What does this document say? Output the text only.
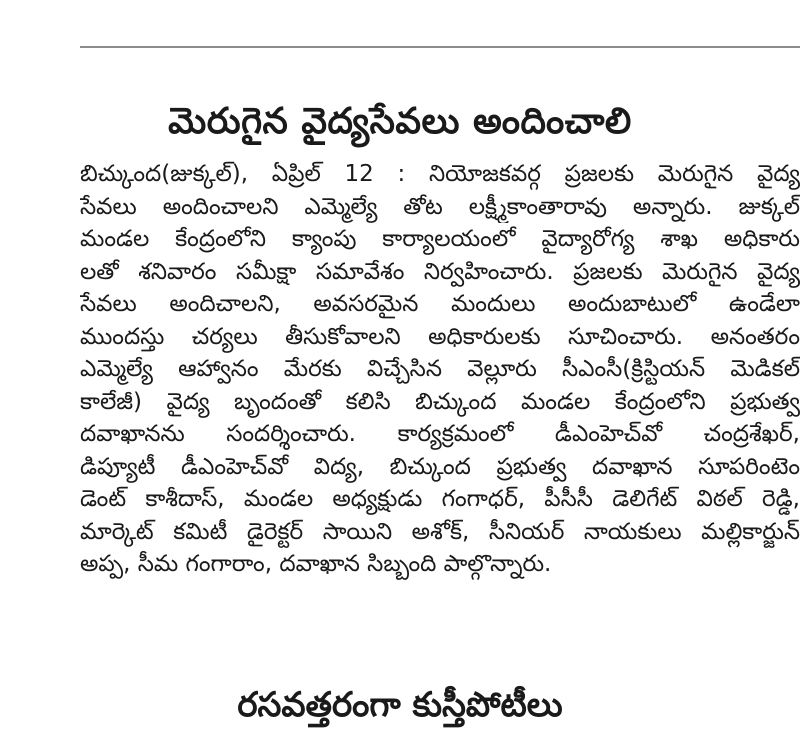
మెరుగైన వైద్యసేవలు అందించాలి
బిచ్కుంద(జుక్కల్), ఏప్రిల్ 12 : నియోజకవర్గ ప్రజలకు మెరుగైన వైద్య
సేవలు అందించాలని ఎమ్మెల్యే తోట లక్ష్మీకాంతారావు అన్నారు. జుక్కల్
మండల కేంద్రంలోని క్యాంపు కార్యాలయంలో వైద్యారోగ్య శాఖ అధికారు
లతో శనివారం సమీక్షా సమావేశం నిర్వహించారు. ప్రజలకు మెరుగైన వైద్య
సేవలు అందిచాలని, అవసరమైన మందులు అందుబాటులో ఉండేలా
ముందస్తు చర్యలు తీసుకోవాలని అధికారులకు సూచించారు. అనంతరం
ఎమ్మెల్యే ఆహ్వానం మేరకు విచ్చేసిన వెల్లూరు సీఎంసీ(క్రిస్టియన్ మెడికల్
కాలేజీ) వైద్య బృందంతో కలిసి బిచ్కుంద మండల కేంద్రంలోని ప్రభుత్వ
దవాఖానను సందర్శించారు. కార్యక్రమంలో డీఎంహెచ్‌వో చంద్రశేఖర్,
డిప్యూటీ డీఎంహెచ్‌వో విద్య, బిచ్కుంద ప్రభుత్వ దవాఖాన సూపరింటెం
డెంట్ కాశీదాస్, మండల అధ్యక్షుడు గంగాధర్, పీసీసీ డెలిగేట్ విఠల్ రెడ్డి,
మార్కెట్ కమిటీ డైరెక్టర్ సాయిని అశోక్, సీనియర్ నాయకులు మల్లికార్జున్
అప్ప, సీమ గంగారాం, దవాఖాన సిబ్బంది పాల్గొన్నారు.
రసవత్తరంగా కుస్తీపోటీలు
